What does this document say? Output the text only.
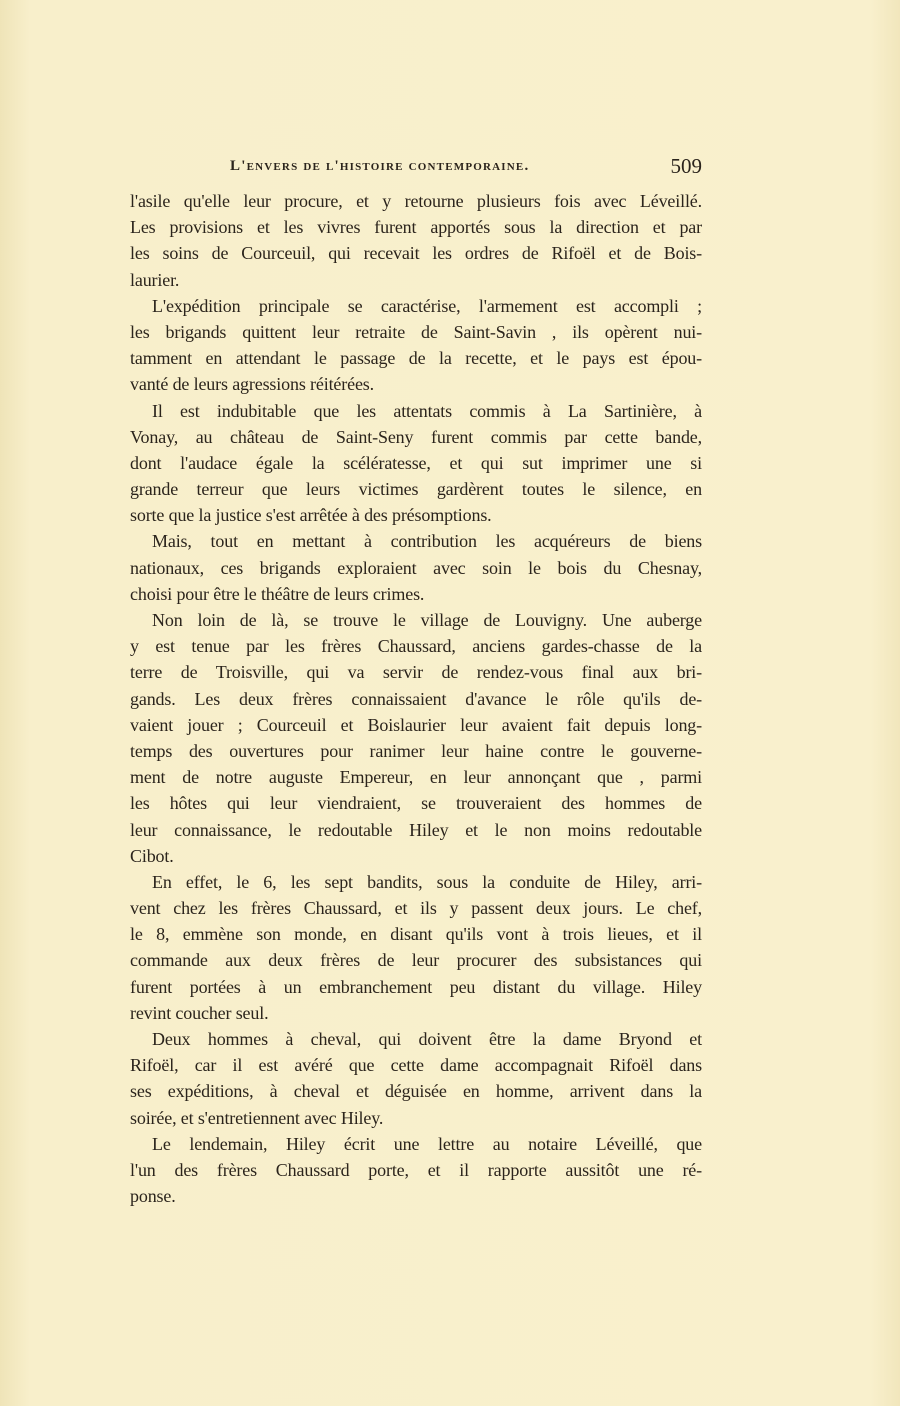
L'envers de l'histoire contemporaine.	509
l'asile qu'elle leur procure, et y retourne plusieurs fois avec Léveillé.
Les provisions et les vivres furent apportés sous la direction et par
les soins de Courceuil, qui recevait les ordres de Rifoël et de Bois-
laurier.
L'expédition principale se caractérise, l'armement est accompli ;
les brigands quittent leur retraite de Saint-Savin , ils opèrent nui-
tamment en attendant le passage de la recette, et le pays est épou-
vanté de leurs agressions réitérées.
Il est indubitable que les attentats commis à La Sartinière, à
Vonay, au château de Saint-Seny furent commis par cette bande,
dont l'audace égale la scélératesse, et qui sut imprimer une si
grande terreur que leurs victimes gardèrent toutes le silence, en
sorte que la justice s'est arrêtée à des présomptions.
Mais, tout en mettant à contribution les acquéreurs de biens
nationaux, ces brigands exploraient avec soin le bois du Chesnay,
choisi pour être le théâtre de leurs crimes.
Non loin de là, se trouve le village de Louvigny. Une auberge
y est tenue par les frères Chaussard, anciens gardes-chasse de la
terre de Troisville, qui va servir de rendez-vous final aux bri-
gands. Les deux frères connaissaient d'avance le rôle qu'ils de-
vaient jouer ; Courceuil et Boislaurier leur avaient fait depuis long-
temps des ouvertures pour ranimer leur haine contre le gouverne-
ment de notre auguste Empereur, en leur annonçant que , parmi
les hôtes qui leur viendraient, se trouveraient des hommes de
leur connaissance, le redoutable Hiley et le non moins redoutable
Cibot.
En effet, le 6, les sept bandits, sous la conduite de Hiley, arri-
vent chez les frères Chaussard, et ils y passent deux jours. Le chef,
le 8, emmène son monde, en disant qu'ils vont à trois lieues, et il
commande aux deux frères de leur procurer des subsistances qui
furent portées à un embranchement peu distant du village. Hiley
revint coucher seul.
Deux hommes à cheval, qui doivent être la dame Bryond et
Rifoël, car il est avéré que cette dame accompagnait Rifoël dans
ses expéditions, à cheval et déguisée en homme, arrivent dans la
soirée, et s'entretiennent avec Hiley.
Le lendemain, Hiley écrit une lettre au notaire Léveillé, que
l'un des frères Chaussard porte, et il rapporte aussitôt une ré-
ponse.
